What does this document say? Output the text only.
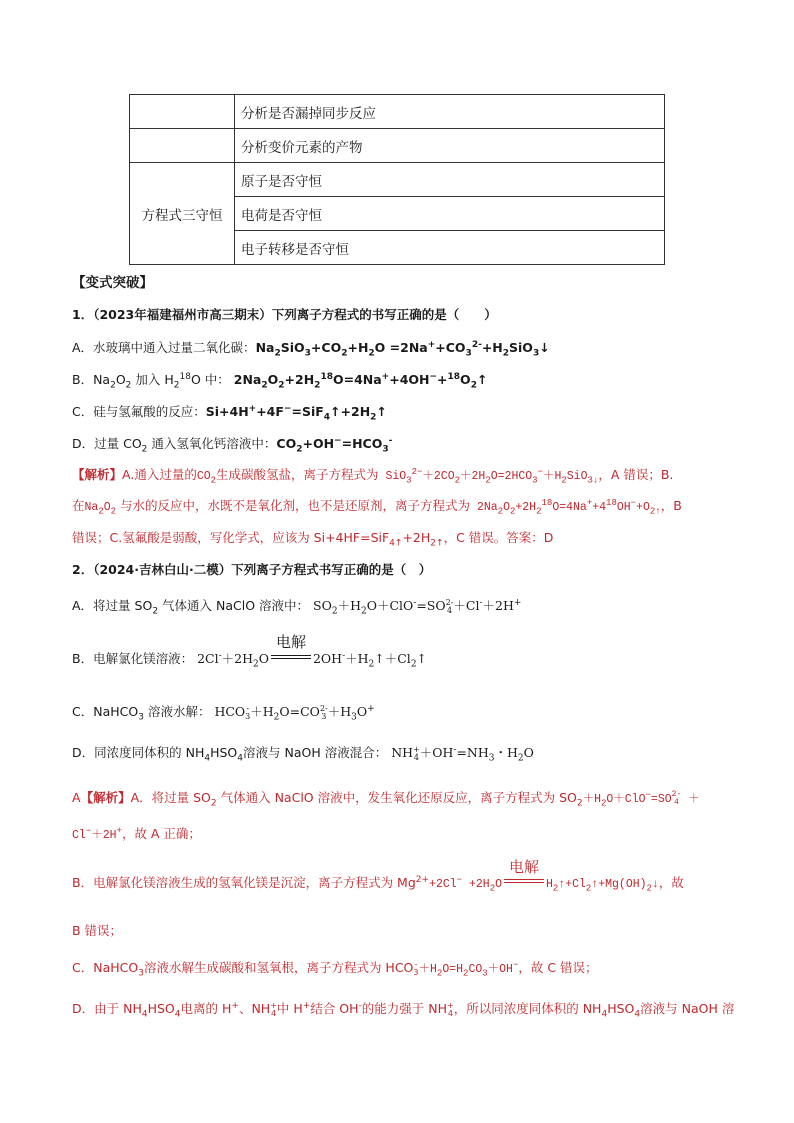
	分析是否漏掉同步反应
	分析变价元素的产物
方程式三守恒	原子是否守恒
	电荷是否守恒
	电子转移是否守恒
【变式突破】
1．（2023年福建福州市高三期末）下列离子方程式的书写正确的是（　　）
A．水玻璃中通入过量二氧化碳：$Na_2SiO_3+CO_2+H_2O$ $=2Na^++CO_3^{2-}+H_2SiO_3↓$
B．$Na_2O_2$ 加入 $H_2^{18}O$ 中： $2Na_2O_2+2H_2^{18}O=4Na^++4OH^-+^{18}O_2↑$
C．硅与氢氟酸的反应：$Si+4H^++4F^-=SiF_4↑+2H_2↑$
D．过量 $CO_2$ 通入氢氧化钙溶液中：$CO_2+OH^-=HCO_3^-$
【解析】A.通入过量的$CO_2$生成碳酸氢盐，离子方程式为 $SiO_3^{2-}+2CO_2+2H_2O=2HCO_3^-+H_2SiO_{3↓}$，A 错误；B.
在$Na_2O_2$ 与水的反应中，水既不是氧化剂，也不是还原剂，离子方程式为 $2Na_2O_2+2H_2^{18}O=4Na^++4^{18}OH^-+O_{2↑}$，B
错误；C.氢氟酸是弱酸，写化学式，应该为 $Si+4HF=SiF_{4↑}+2H_{2↑}$，C 错误。答案：D
2．（2024·吉林白山·二模）下列离子方程式书写正确的是（　）
A．将过量 $SO_2$ 气体通入 NaClO 溶液中： $SO_2+H_2O+ClO^-=SO$ 2-
4 ＋Cl-＋2H+
B．电解氯化镁溶液： $2Cl^-+2H_2O$
电解
$2OH^-+H_2↑+Cl_2↑$
C．NaHCO$_3$ 溶液水解： HCO -
$3 +H_2O=CO$ 2-
$3 +H_3O^+$
D．同浓度同体积的 $NH_4HSO_4$溶液与 NaOH 溶液混合： NH +
$4 +OH^-=NH_3$・$H_2O$
A【解析】A．将过量 $SO_2$ 气体通入 NaClO 溶液中，发生氧化还原反应，离子方程式为 $SO_2+H_2O+ClO^-=SO$ 2-
4 ＋
Cl−＋2H+，故 A 正确；
B．电解氯化镁溶液生成的氢氧化镁是沉淀，离子方程式为 $Mg^{2+}+2Cl^- +2H_2O$
电解
$H_2↑+Cl_2↑+Mg(OH)_2↓$，故
B 错误；
C．NaHCO$_3$溶液水解生成碳酸和氢氧根，离子方程式为 HCO -
$3 +H_2O=H_2CO_3+OH^-$，故 C 错误；
D．由于 $NH_4HSO_4$电离的 H+、NH +
4 中 H+结合 OH-的能力强于 NH +
4 ，所以同浓度同体积的 $NH_4HSO_4$溶液与 NaOH 溶
